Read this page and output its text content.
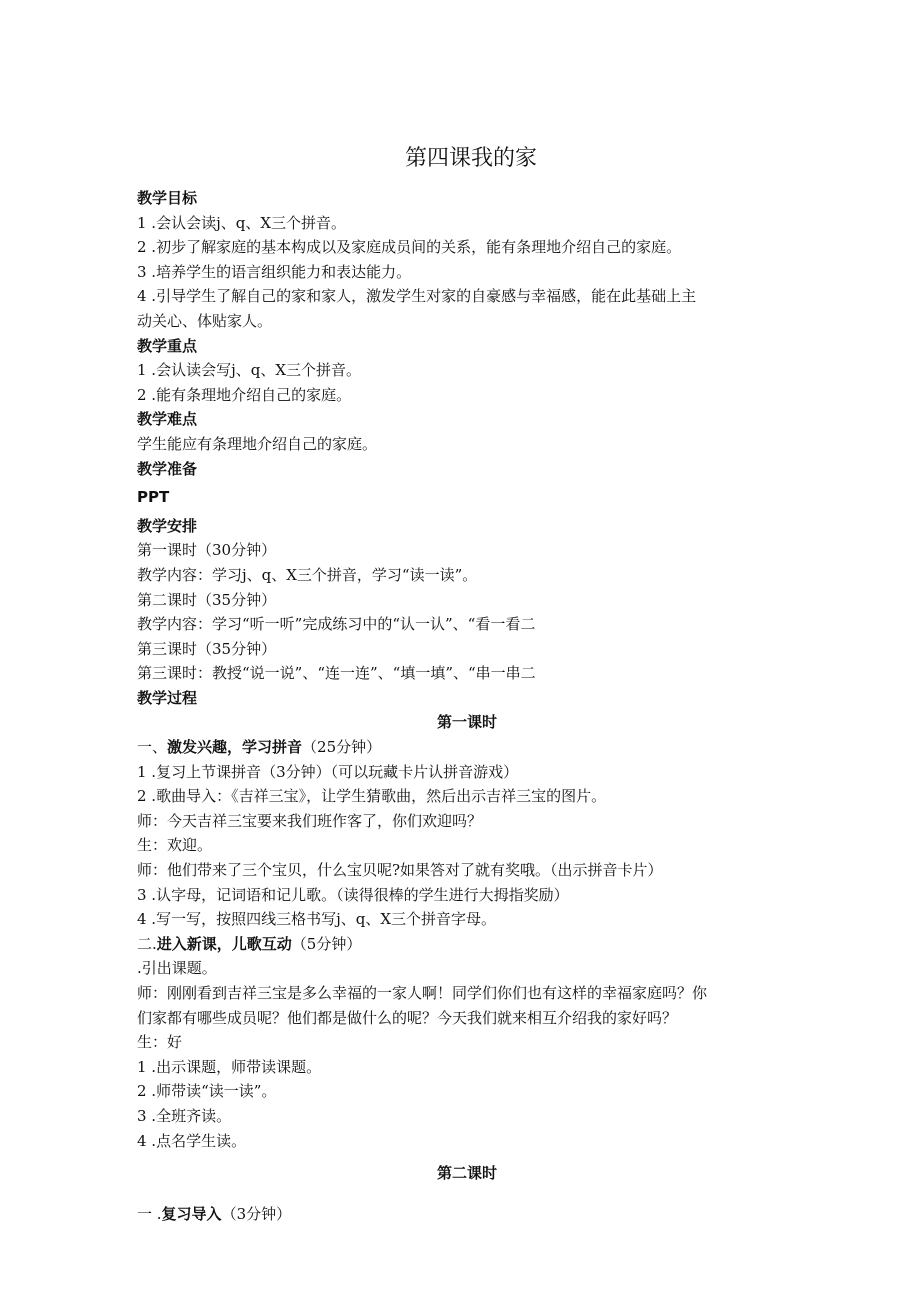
第四课我的家
教学目标
1 .会认会读j、q、X三个拼音。
2 .初步了解家庭的基本构成以及家庭成员间的关系，能有条理地介绍自己的家庭。
3 .培养学生的语言组织能力和表达能力。
4 .引导学生了解自己的家和家人，激发学生对家的自豪感与幸福感，能在此基础上主
动关心、体贴家人。
教学重点
1 .会认读会写j、q、X三个拼音。
2 .能有条理地介绍自己的家庭。
教学难点
学生能应有条理地介绍自己的家庭。
教学准备
PPT
教学安排
第一课时（30分钟）
教学内容：学习j、q、X三个拼音，学习“读一读”。
第二课时（35分钟）
教学内容：学习“听一听”完成练习中的“认一认”、“看一看二
第三课时（35分钟）
第三课时：教授“说一说”、“连一连”、“填一填”、“串一串二
教学过程
第一课时
一、激发兴趣，学习拼音（25分钟）
1 .复习上节课拼音（3分钟）（可以玩藏卡片认拼音游戏）
2 .歌曲导入：《吉祥三宝》，让学生猜歌曲，然后出示吉祥三宝的图片。
师：今天吉祥三宝要来我们班作客了，你们欢迎吗？
生：欢迎。
师：他们带来了三个宝贝，什么宝贝呢?如果答对了就有奖哦。（出示拼音卡片）
3 .认字母，记词语和记儿歌。（读得很棒的学生进行大拇指奖励）
4 .写一写，按照四线三格书写j、q、X三个拼音字母。
二.进入新课，儿歌互动（5分钟）
.引出课题。
师：刚刚看到吉祥三宝是多么幸福的一家人啊！同学们你们也有这样的幸福家庭吗？你
们家都有哪些成员呢？他们都是做什么的呢？今天我们就来相互介绍我的家好吗？
生：好
1 .出示课题，师带读课题。
2 .师带读“读一读”。
3 .全班齐读。
4 .点名学生读。
第二课时
一 .复习导入（3分钟）
